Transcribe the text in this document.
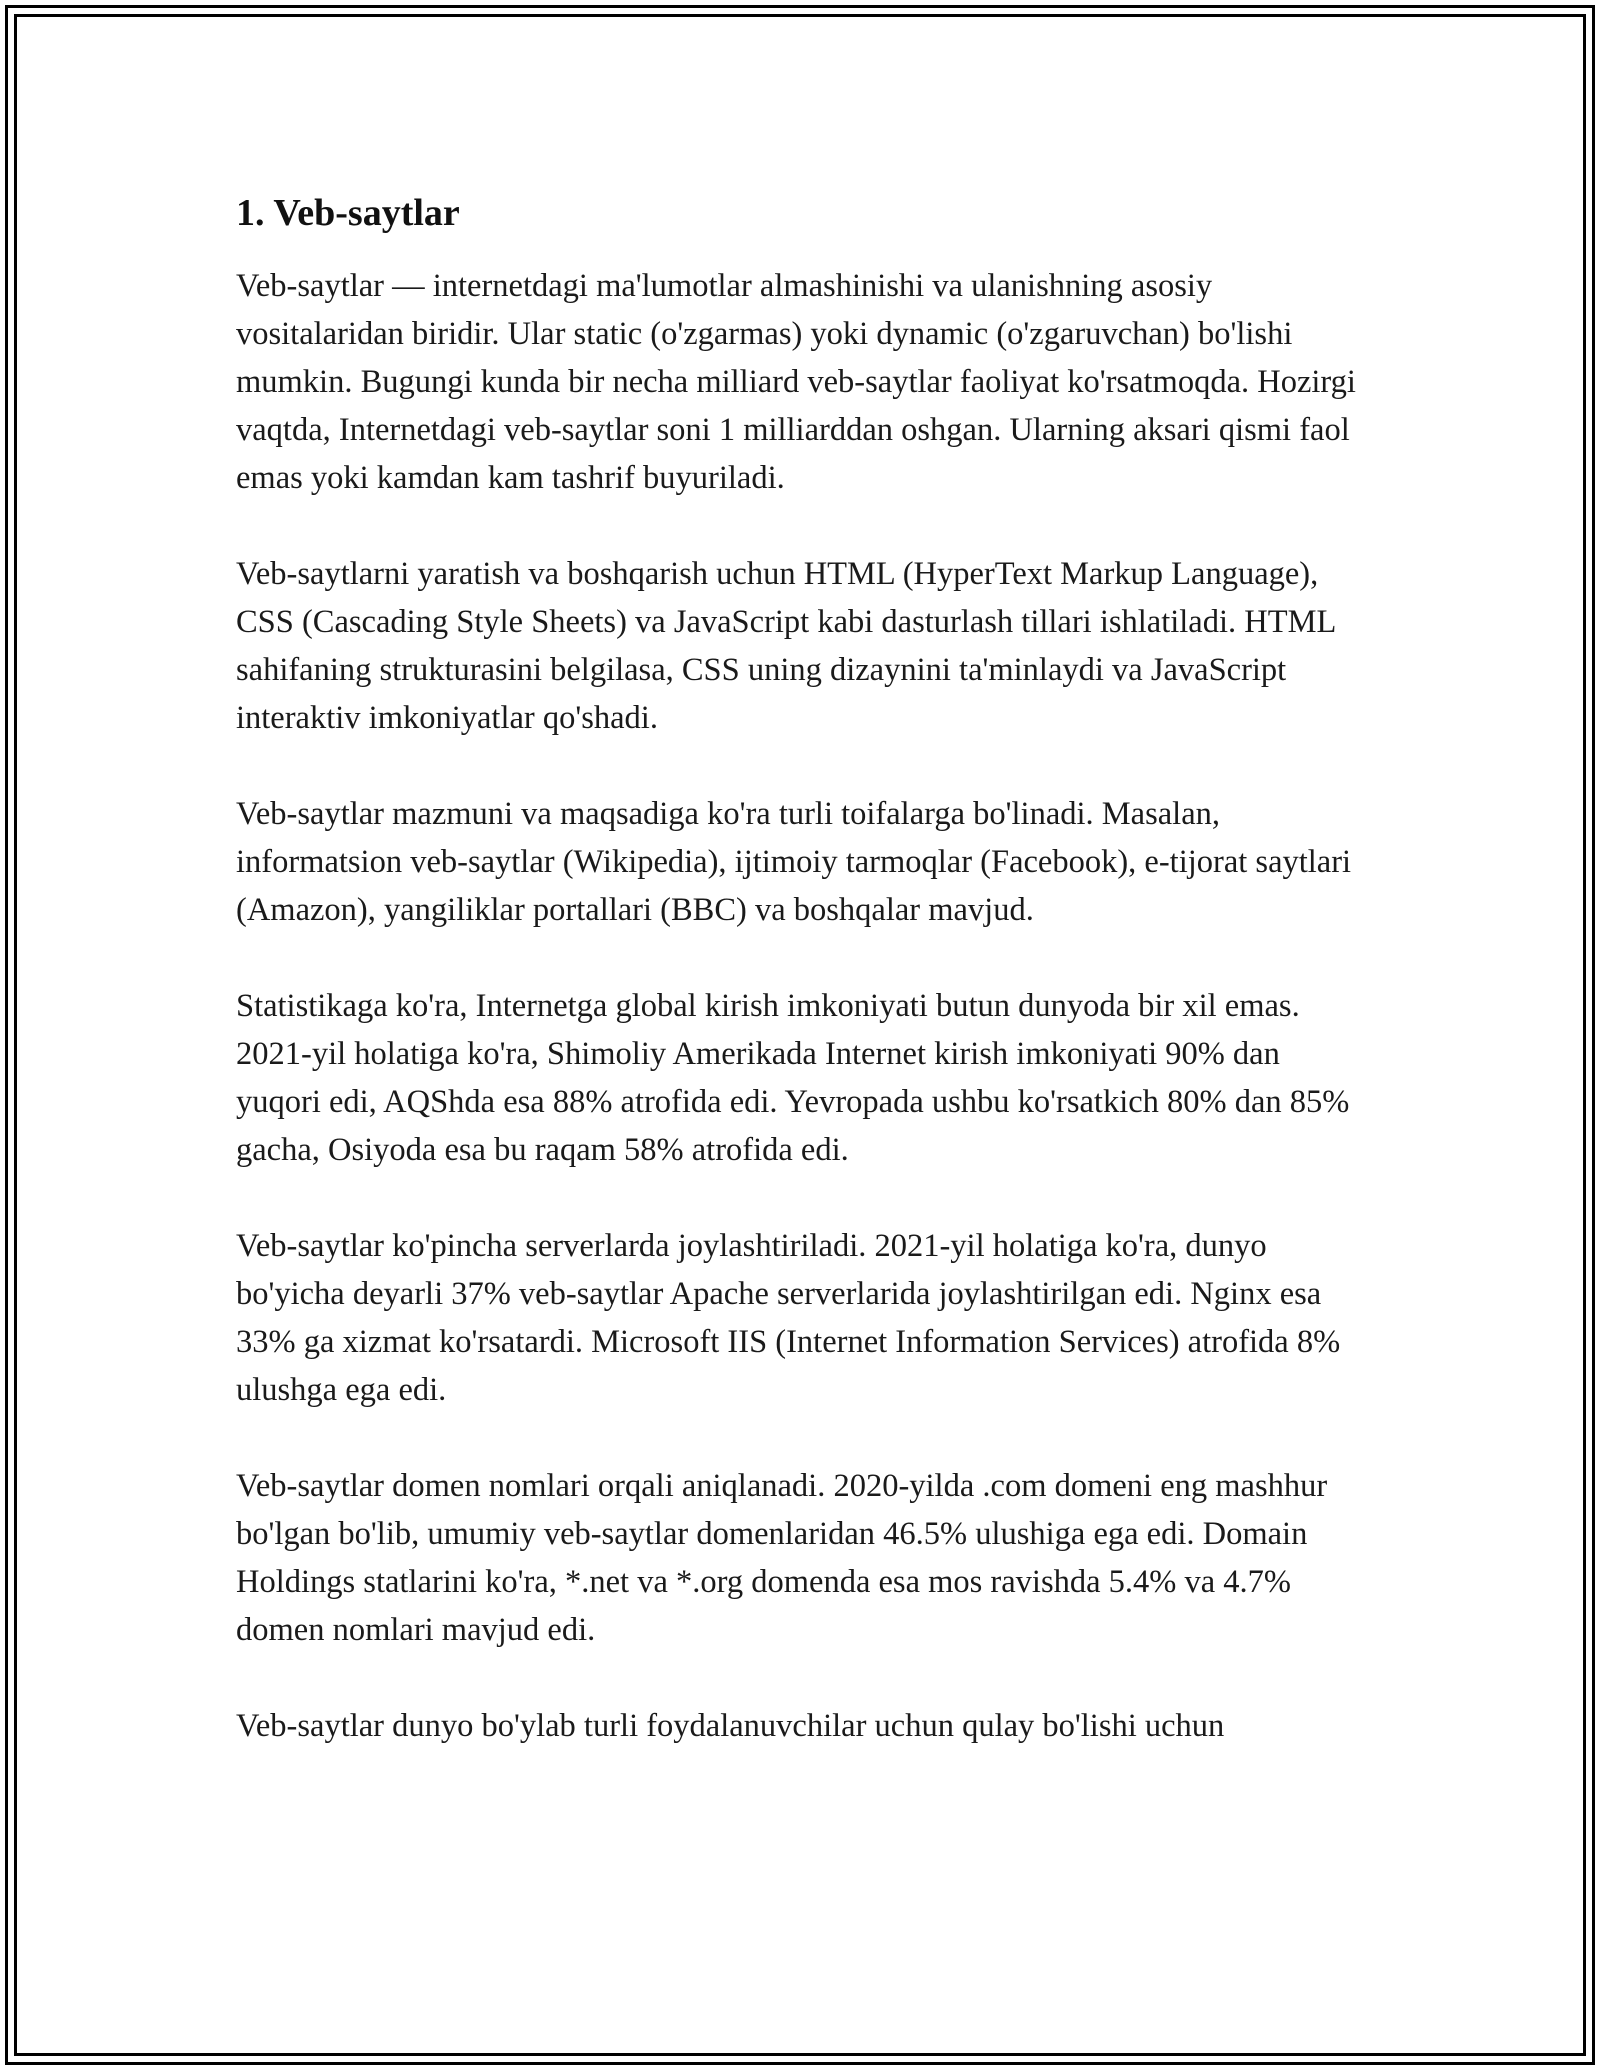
1. Veb-saytlar

Veb-saytlar — internetdagi ma'lumotlar almashinishi va ulanishning asosiy vositalaridan biridir. Ular static (o'zgarmas) yoki dynamic (o'zgaruvchan) bo'lishi mumkin. Bugungi kunda bir necha milliard veb-saytlar faoliyat ko'rsatmoqda. Hozirgi vaqtda, Internetdagi veb-saytlar soni 1 milliarddan oshgan. Ularning aksari qismi faol emas yoki kamdan kam tashrif buyuriladi.

Veb-saytlarni yaratish va boshqarish uchun HTML (HyperText Markup Language), CSS (Cascading Style Sheets) va JavaScript kabi dasturlash tillari ishlatiladi. HTML sahifaning strukturasini belgilasa, CSS uning dizaynini ta'minlaydi va JavaScript interaktiv imkoniyatlar qo'shadi.

Veb-saytlar mazmuni va maqsadiga ko'ra turli toifalarga bo'linadi. Masalan, informatsion veb-saytlar (Wikipedia), ijtimoiy tarmoqlar (Facebook), e-tijorat saytlari (Amazon), yangiliklar portallari (BBC) va boshqalar mavjud.

Statistikaga ko'ra, Internetga global kirish imkoniyati butun dunyoda bir xil emas. 2021-yil holatiga ko'ra, Shimoliy Amerikada Internet kirish imkoniyati 90% dan yuqori edi, AQShda esa 88% atrofida edi. Yevropada ushbu ko'rsatkich 80% dan 85% gacha, Osiyoda esa bu raqam 58% atrofida edi.

Veb-saytlar ko'pincha serverlarda joylashtiriladi. 2021-yil holatiga ko'ra, dunyo bo'yicha deyarli 37% veb-saytlar Apache serverlarida joylashtirilgan edi. Nginx esa 33% ga xizmat ko'rsatardi. Microsoft IIS (Internet Information Services) atrofida 8% ulushga ega edi.

Veb-saytlar domen nomlari orqali aniqlanadi. 2020-yilda .com domeni eng mashhur bo'lgan bo'lib, umumiy veb-saytlar domenlaridan 46.5% ulushiga ega edi. Domain Holdings statlarini ko'ra, *.net va *.org domenda esa mos ravishda 5.4% va 4.7% domen nomlari mavjud edi.

Veb-saytlar dunyo bo'ylab turli foydalanuvchilar uchun qulay bo'lishi uchun
